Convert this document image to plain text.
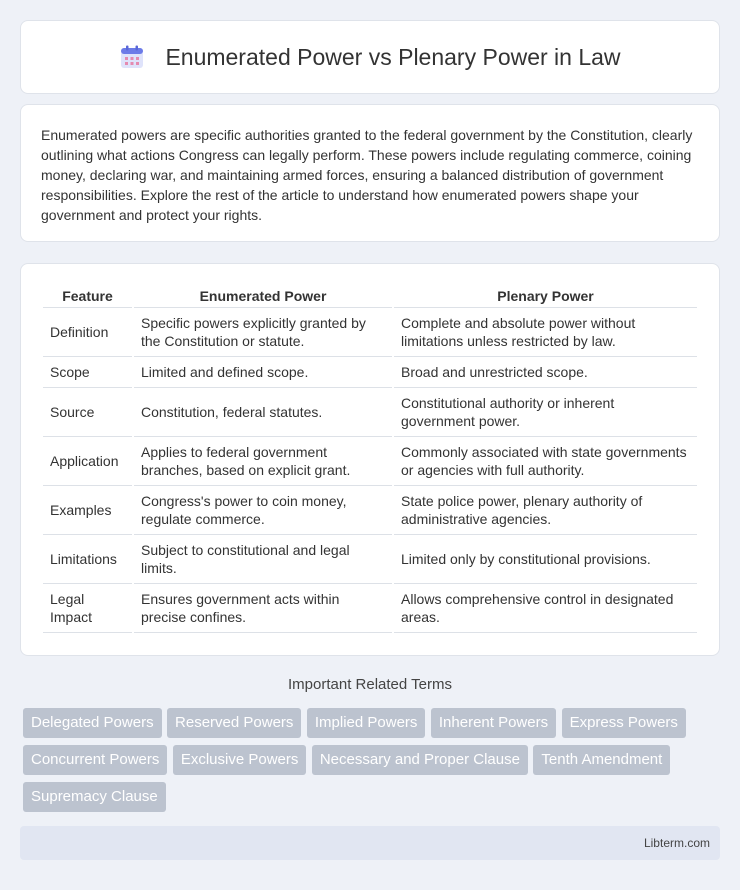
Enumerated Power vs Plenary Power in Law

Enumerated powers are specific authorities granted to the federal government by the Constitution, clearly outlining what actions Congress can legally perform. These powers include regulating commerce, coining money, declaring war, and maintaining armed forces, ensuring a balanced distribution of government responsibilities. Explore the rest of the article to understand how enumerated powers shape your government and protect your rights.

Feature	Enumerated Power	Plenary Power
Definition	Specific powers explicitly granted by the Constitution or statute.	Complete and absolute power without limitations unless restricted by law.
Scope	Limited and defined scope.	Broad and unrestricted scope.
Source	Constitution, federal statutes.	Constitutional authority or inherent government power.
Application	Applies to federal government branches, based on explicit grant.	Commonly associated with state governments or agencies with full authority.
Examples	Congress's power to coin money, regulate commerce.	State police power, plenary authority of administrative agencies.
Limitations	Subject to constitutional and legal limits.	Limited only by constitutional provisions.
Legal Impact	Ensures government acts within precise confines.	Allows comprehensive control in designated areas.
Important Related Terms
Delegated Powers Reserved Powers Implied Powers Inherent Powers Express Powers Concurrent Powers Exclusive Powers Necessary and Proper Clause Tenth Amendment Supremacy Clause
Libterm.com
